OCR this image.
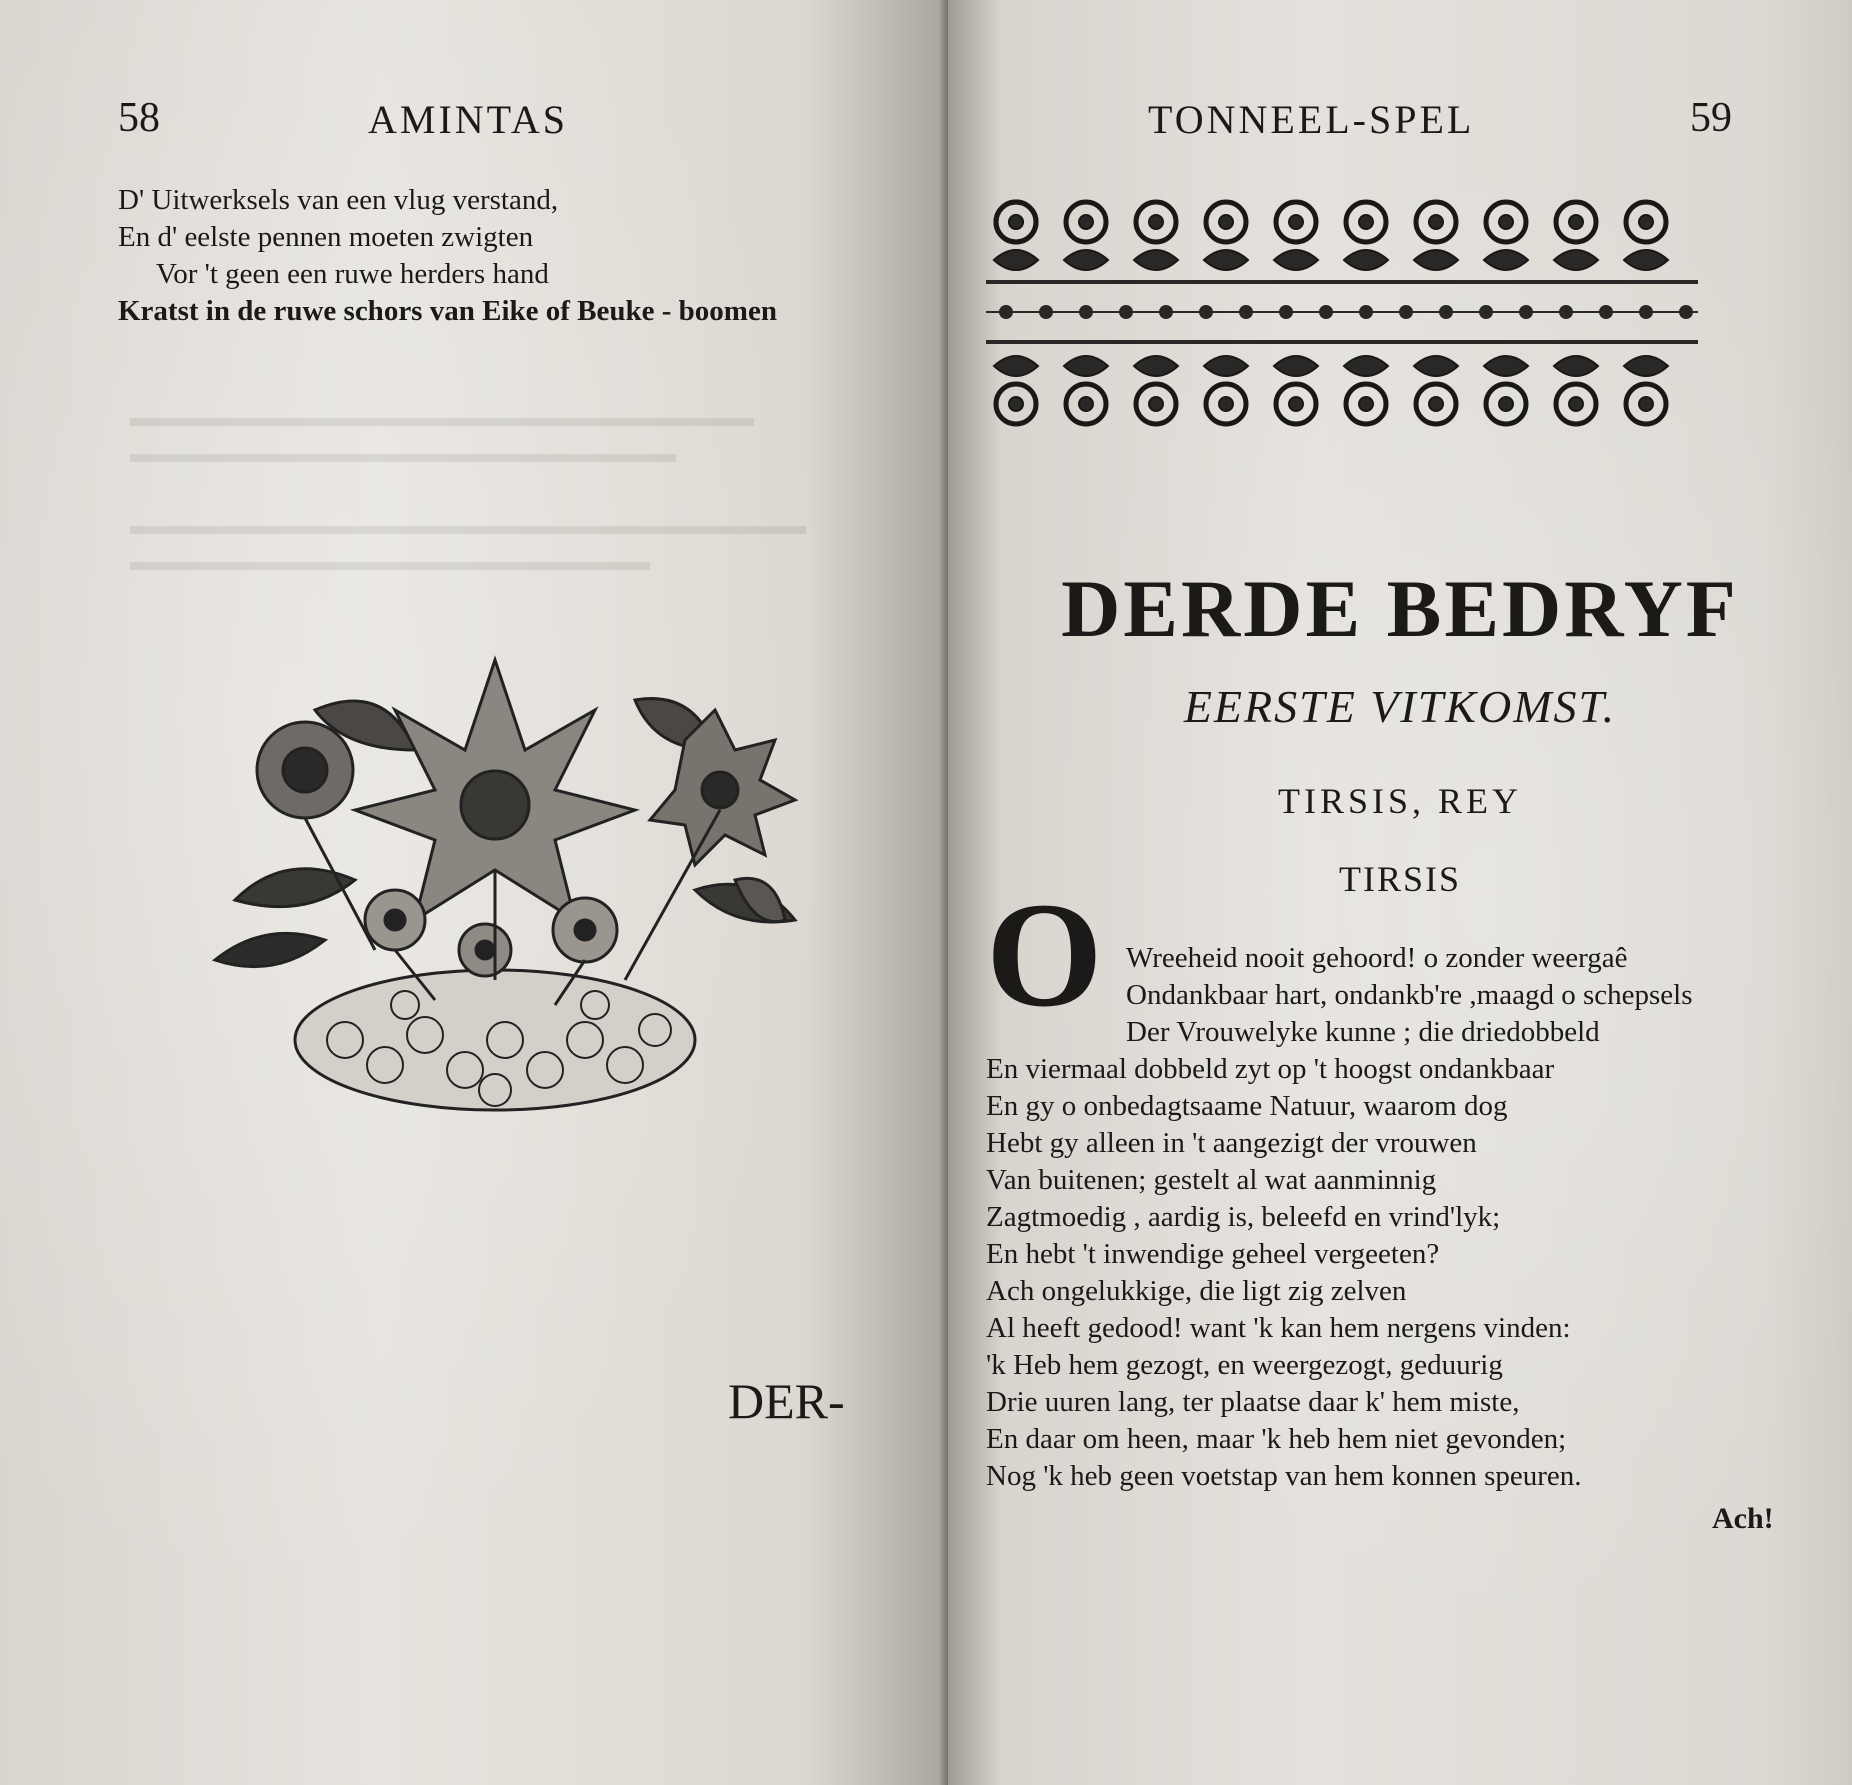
▬▬▬▬▬▬▬▬▬▬▬▬▬▬▬▬▬▬▬▬▬▬▬▬
▬▬▬▬▬▬▬▬▬▬▬▬▬▬▬▬▬▬▬▬▬

▬▬▬▬▬▬▬▬▬▬▬▬▬▬▬▬▬▬▬▬▬▬▬▬▬▬
▬▬▬▬▬▬▬▬▬▬▬▬▬▬▬▬▬▬▬▬
58	AMINTAS
D' Uitwerksels van een vlug verstand,
En d' eelste pennen moeten zwigten
Vor 't geen een ruwe herders hand
Kratst in de ruwe schors van Eike of Beuke - boomen
DER-
TONNEEL-SPEL	59
DERDE BEDRYF
EERSTE VITKOMST.
TIRSIS, REY
TIRSIS
O Wreeheid nooit gehoord! o zonder weergaê
Ondankbaar hart, ondankb're ,maagd o schepsels
Der Vrouwelyke kunne ; die driedobbeld
En viermaal dobbeld zyt op 't hoogst ondankbaar
En gy o onbedagtsaame Natuur, waarom dog
Hebt gy alleen in 't aangezigt der vrouwen
Van buitenen; gestelt al wat aanminnig
Zagtmoedig , aardig is, beleefd en vrind'lyk;
En hebt 't inwendige geheel vergeeten?
Ach ongelukkige, die ligt zig zelven
Al heeft gedood! want 'k kan hem nergens vinden:
'k Heb hem gezogt, en weergezogt, geduurig
Drie uuren lang, ter plaatse daar k' hem miste,
En daar om heen, maar 'k heb hem niet gevonden;
Nog 'k heb geen voetstap van hem konnen speuren.
Ach!
